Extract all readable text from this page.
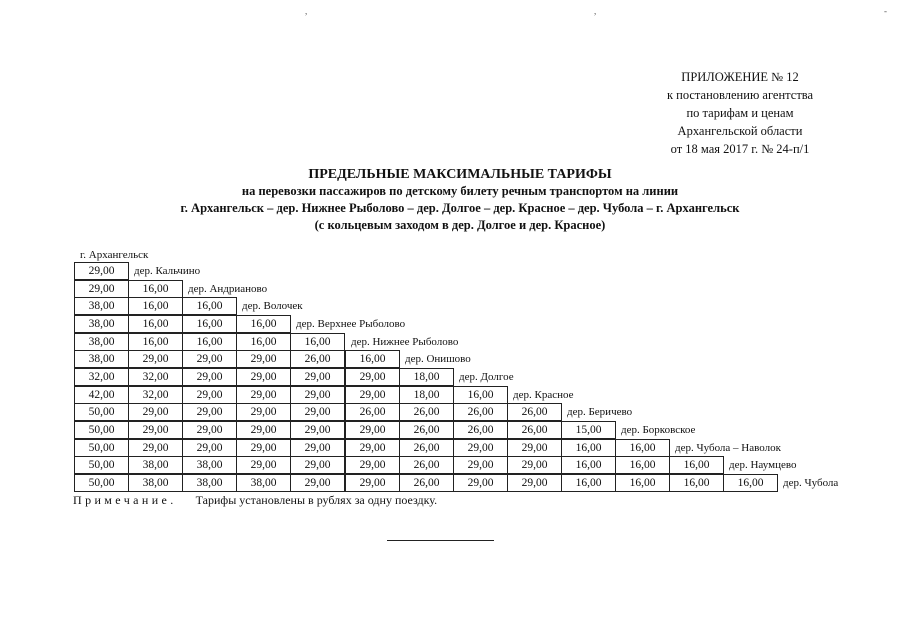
,	,	-
ПРИЛОЖЕНИЕ № 12
к постановлению агентства
по тарифам и ценам
Архангельской области
от 18 мая 2017 г. № 24-п/1
ПРЕДЕЛЬНЫЕ МАКСИМАЛЬНЫЕ ТАРИФЫ
на перевозки пассажиров по детскому билету речным транспортом на линии
г. Архангельск – дер. Нижнее Рыболово – дер. Долгое – дер. Красное – дер. Чубола – г. Архангельск
(с кольцевым заходом в дер. Долгое и дер. Красное)
г. Архангельск
29,00	дер. Кальчино
29,00	16,00	дер. Андрианово
38,00	16,00	16,00	дер. Волочек
38,00	16,00	16,00	16,00	дер. Верхнее Рыболово
38,00	16,00	16,00	16,00	16,00	дер. Нижнее Рыболово
38,00	29,00	29,00	29,00	26,00	16,00	дер. Онишово
32,00	32,00	29,00	29,00	29,00	29,00	18,00	дер. Долгое
42,00	32,00	29,00	29,00	29,00	29,00	18,00	16,00	дер. Красное
50,00	29,00	29,00	29,00	29,00	26,00	26,00	26,00	26,00	дер. Беричево
50,00	29,00	29,00	29,00	29,00	29,00	26,00	26,00	26,00	15,00	дер. Борковское
50,00	29,00	29,00	29,00	29,00	29,00	26,00	29,00	29,00	16,00	16,00	дер. Чубола – Наволок
50,00	38,00	38,00	29,00	29,00	29,00	26,00	29,00	29,00	16,00	16,00	16,00	дер. Наумцево
50,00	38,00	38,00	38,00	29,00	29,00	26,00	29,00	29,00	16,00	16,00	16,00	16,00	дер. Чубола
Примечание. Тарифы установлены в рублях за одну поездку.
